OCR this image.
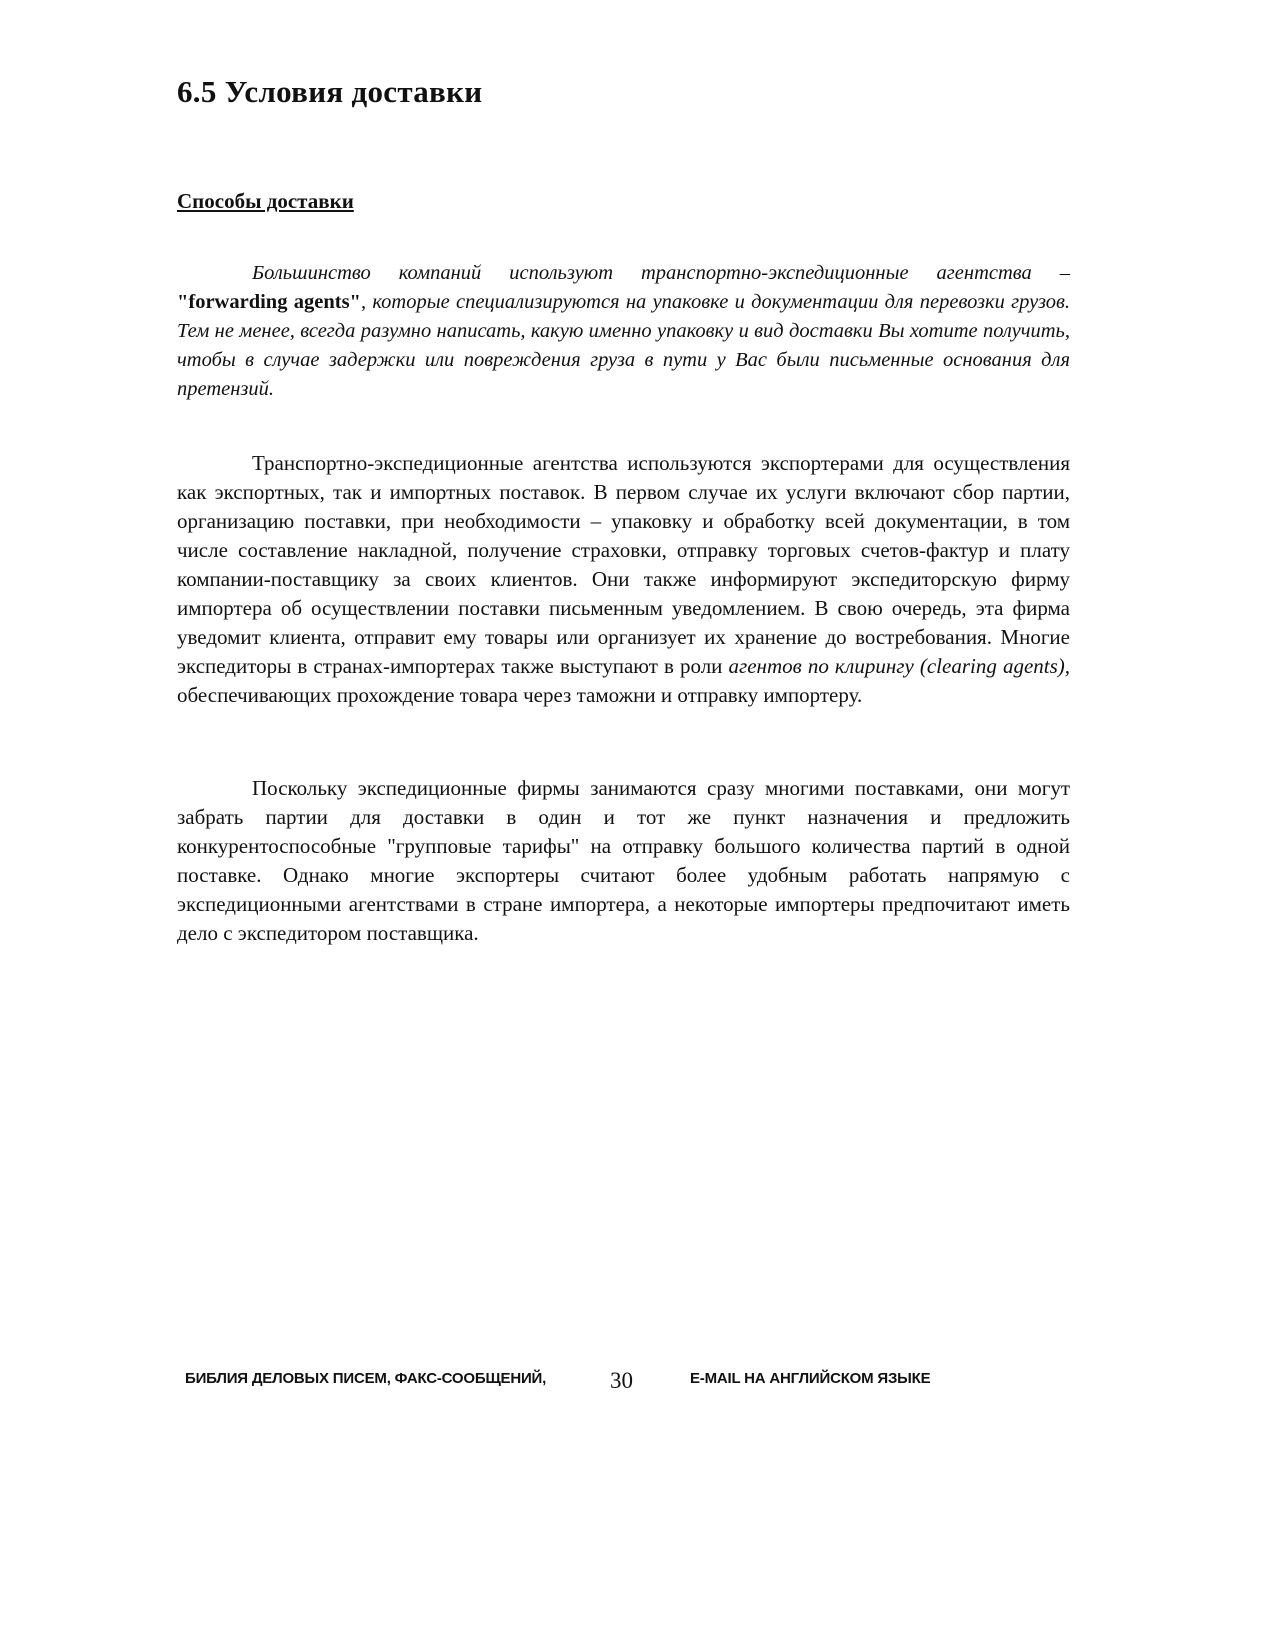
6.5 Условия доставки
Способы доставки

Большинство компаний используют транспортно-экспедиционные агентства – "forwarding agents", которые специализируются на упаковке и документации для перевозки грузов. Тем не менее, всегда разумно написать, какую именно упаковку и вид доставки Вы хотите получить, чтобы в случае задержки или повреждения груза в пути у Вас были письменные основания для претензий.

Транспортно-экспедиционные агентства используются экспортерами для осуществления как экспортных, так и импортных поставок. В первом случае их услуги включают сбор партии, организацию поставки, при необходимости – упаковку и обработку всей документации, в том числе составление накладной, получение страховки, отправку торговых счетов-фактур и плату компании-поставщику за своих клиентов. Они также информируют экспедиторскую фирму импортера об осуществлении поставки письменным уведомлением. В свою очередь, эта фирма уведомит клиента, отправит ему товары или организует их хранение до востребования. Многие экспедиторы в странах-импортерах также выступают в роли агентов по клирингу (clearing agents), обеспечивающих прохождение товара через таможни и отправку импортеру.

Поскольку экспедиционные фирмы занимаются сразу многими поставками, они могут забрать партии для доставки в один и тот же пункт назначения и предложить конкурентоспособные "групповые тарифы" на отправку большого количества партий в одной поставке. Однако многие экспортеры считают более удобным работать напрямую с экспедиционными агентствами в стране импортера, а некоторые импортеры предпочитают иметь дело с экспедитором поставщика.

БИБЛИЯ ДЕЛОВЫХ ПИСЕМ, ФАКС-СООБЩЕНИЙ,	30	E-MAIL НА АНГЛИЙСКОМ ЯЗЫКЕ
